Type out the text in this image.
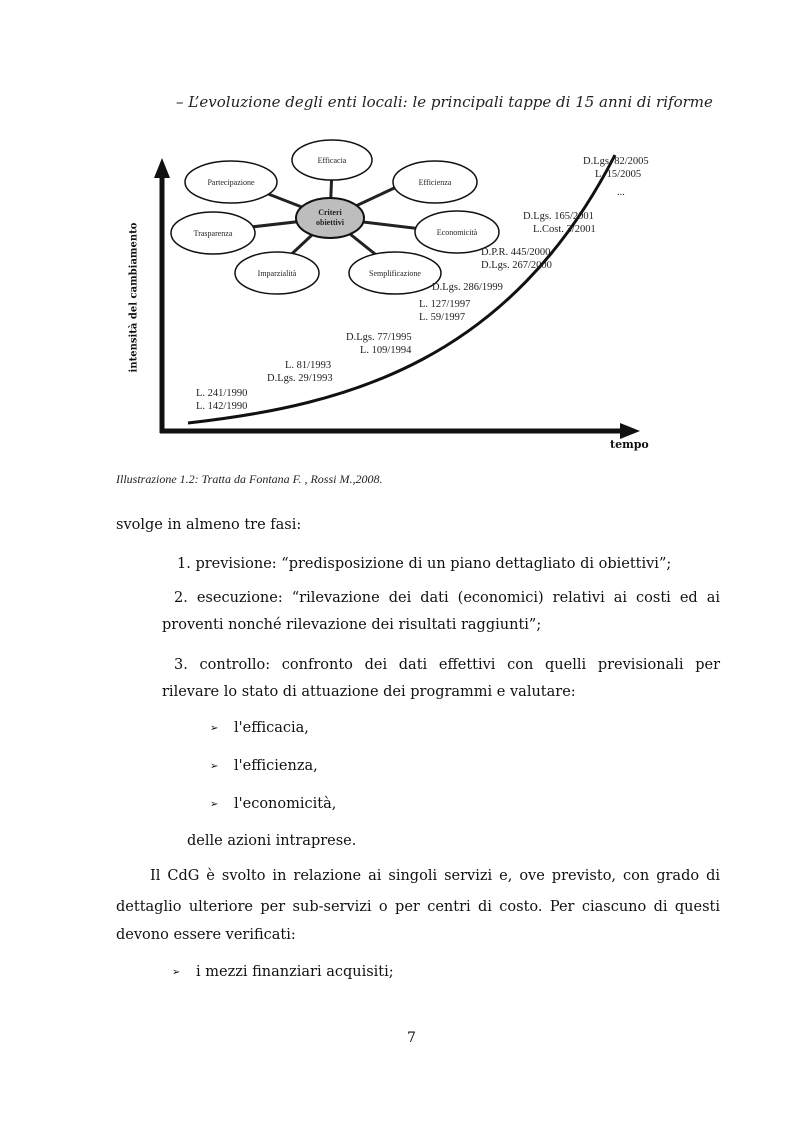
Criteri
obiettivi
Efficacia
Efficienza
Economicità
Semplificazione
Imparzialità
Trasparenza
Partecipazione
– L’evoluzione degli enti locali: le principali tappe di 15 anni di riforme
intensità del cambiamento
tempo
D.Lgs. 82/2005
L. 15/2005
...
D.Lgs. 165/2001
L.Cost. 3/2001
D.P.R. 445/2000
D.Lgs. 267/2000
D.Lgs. 286/1999
L. 127/1997
L. 59/1997
D.Lgs. 77/1995
L. 109/1994
L. 81/1993
D.Lgs. 29/1993
L. 241/1990
L. 142/1990
Illustrazione 1.2: Tratta da Fontana F. , Rossi M.,2008.
svolge in almeno tre fasi:
1. previsione: “predisposizione di un piano dettagliato di obiettivi”;
2. esecuzione: “rilevazione dei dati (economici) relativi ai costi ed ai
proventi nonché rilevazione dei risultati raggiunti”;
3. controllo: confronto dei dati effettivi con quelli previsionali per
rilevare lo stato di attuazione dei programmi e valutare:
➢ l'efficacia,
➢ l'efficienza,
➢ l'economicità,
delle azioni intraprese.
Il CdG è svolto in relazione ai singoli servizi e, ove previsto, con grado di
dettaglio ulteriore per sub-servizi o per centri di costo. Per ciascuno di questi
devono essere verificati:
➢ i mezzi finanziari acquisiti;
7
